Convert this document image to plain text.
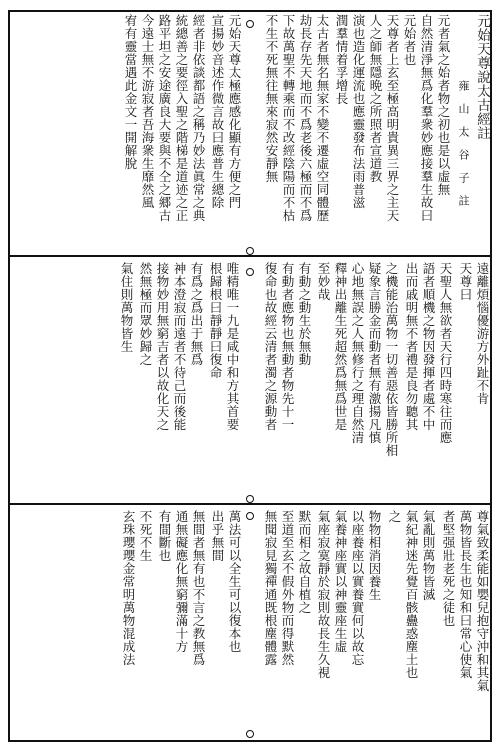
元始天尊說太古經註
雍　山　太　谷　子　註
元者氣之始者物之初也是以虛無
自然清淨無爲化羣衆妙應接羣生故曰
元始者也
天尊者上玄至極高明貴異三界之主天
人之師無隱晩之所照者宣道教
演也造化運流也應靈發布法雨普滋
潤羣情着孚增長
太古者無名無家不變不遷虛空同體歷
劫長存先天地而不爲老後六極而不爲
下故萬聖不轉乘而不改經陰陽而不枯
不生不死無往無來寂然安靜無
元始天尊太極應感化顯有方便之門
宣揚妙音述作微言故曰應普生總除
經者非依談都語之稱乃妙法眞常之典
統總善之要徑入聖之階梯是道迹之正
路平坦之安途廣良大要與不仝之郷古
今遠士無不游寂者吾海衆生靡然風
宥有靈當遇此金文一開解脫
遠離煩惱優游方外趾不肯
天尊曰
天聖人無欲者天行四時寒往而應
語者順機之物因發揮者處不中
出而戚明無不者禮是良勿聽其
之機能治萬物一切善惡依皆勝所相
疑象言勝金而動者無有激揚凡慎
心地無誤之人無修行之理自然清
釋神出離生死超然爲無爲世是
至妙哉
有動之動生於無動
有動者應物也無動者物先十一
復命也故經云清者濁之源動者
唯精唯一九是咸中和方其首要
根歸根曰靜靜曰復命
有爲之爲出于無爲
神本澄寂而遠者不待己而後能
接物妙用無窮吉者以故化天之
然無極而眾妙歸之
氣住則萬物皆生
尊氣致柔能如嬰兒抱守沖和其氣
萬物皆長生也知和曰常心使氣
者堅强壯老死之徒也
氣亂則萬物皆滅
氣紀神迷先覺百骸蠱惑塵土也
之
物物相消因養生
以座養座以實養實何以故忘
氣養神座實以神靈座生虛
氣座寂寞靜於寂則故長生久視
默而相之故自植之
至道至玄不假外物而得默然
無聞寂見獨禪通既根塵體露
萬法可以全生可以復本也
出乎無間
無間者無有也不言之教無爲
通無礙應化無窮彌滿十方
有間斷也
不死不生
玄珠瓔瓔金常明萬物混成法
